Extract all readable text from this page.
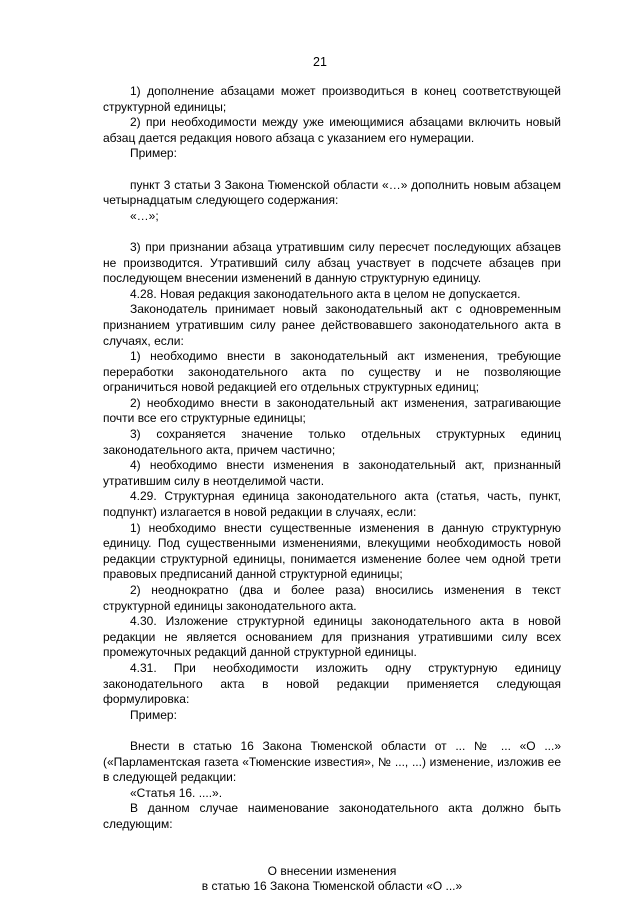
21

1) дополнение абзацами может производиться в конец соответствующей структурной единицы;

2) при необходимости между уже имеющимися абзацами включить новый абзац дается редакция нового абзаца с указанием его нумерации.

Пример:

пункт 3 статьи 3 Закона Тюменской области «…» дополнить новым абзацем четырнадцатым следующего содержания:

«…»;

3) при признании абзаца утратившим силу пересчет последующих абзацев не производится. Утративший силу абзац участвует в подсчете абзацев при последующем внесении изменений в данную структурную единицу.

4.28. Новая редакция законодательного акта в целом не допускается.

Законодатель принимает новый законодательный акт с одновременным признанием утратившим силу ранее действовавшего законодательного акта в случаях, если:

1) необходимо внести в законодательный акт изменения, требующие переработки законодательного акта по существу и не позволяющие ограничиться новой редакцией его отдельных структурных единиц;

2) необходимо внести в законодательный акт изменения, затрагивающие почти все его структурные единицы;

3) сохраняется значение только отдельных структурных единиц законодательного акта, причем частично;

4) необходимо внести изменения в законодательный акт, признанный утратившим силу в неотделимой части.

4.29. Структурная единица законодательного акта (статья, часть, пункт, подпункт) излагается в новой редакции в случаях, если:

1) необходимо внести существенные изменения в данную структурную единицу. Под существенными изменениями, влекущими необходимость новой редакции структурной единицы, понимается изменение более чем одной трети правовых предписаний данной структурной единицы;

2) неоднократно (два и более раза) вносились изменения в текст структурной единицы законодательного акта.

4.30. Изложение структурной единицы законодательного акта в новой редакции не является основанием для признания утратившими силу всех промежуточных редакций данной структурной единицы.

4.31. При необходимости изложить одну структурную единицу законодательного акта в новой редакции применяется следующая формулировка:

Пример:

Внести в статью 16 Закона Тюменской области от ... № ... «О ...» («Парламентская газета «Тюменские известия», № ..., ...) изменение, изложив ее в следующей редакции:

«Статья 16. ....».

В данном случае наименование законодательного акта должно быть следующим:

О внесении изменения

в статью 16 Закона Тюменской области «О ...»
